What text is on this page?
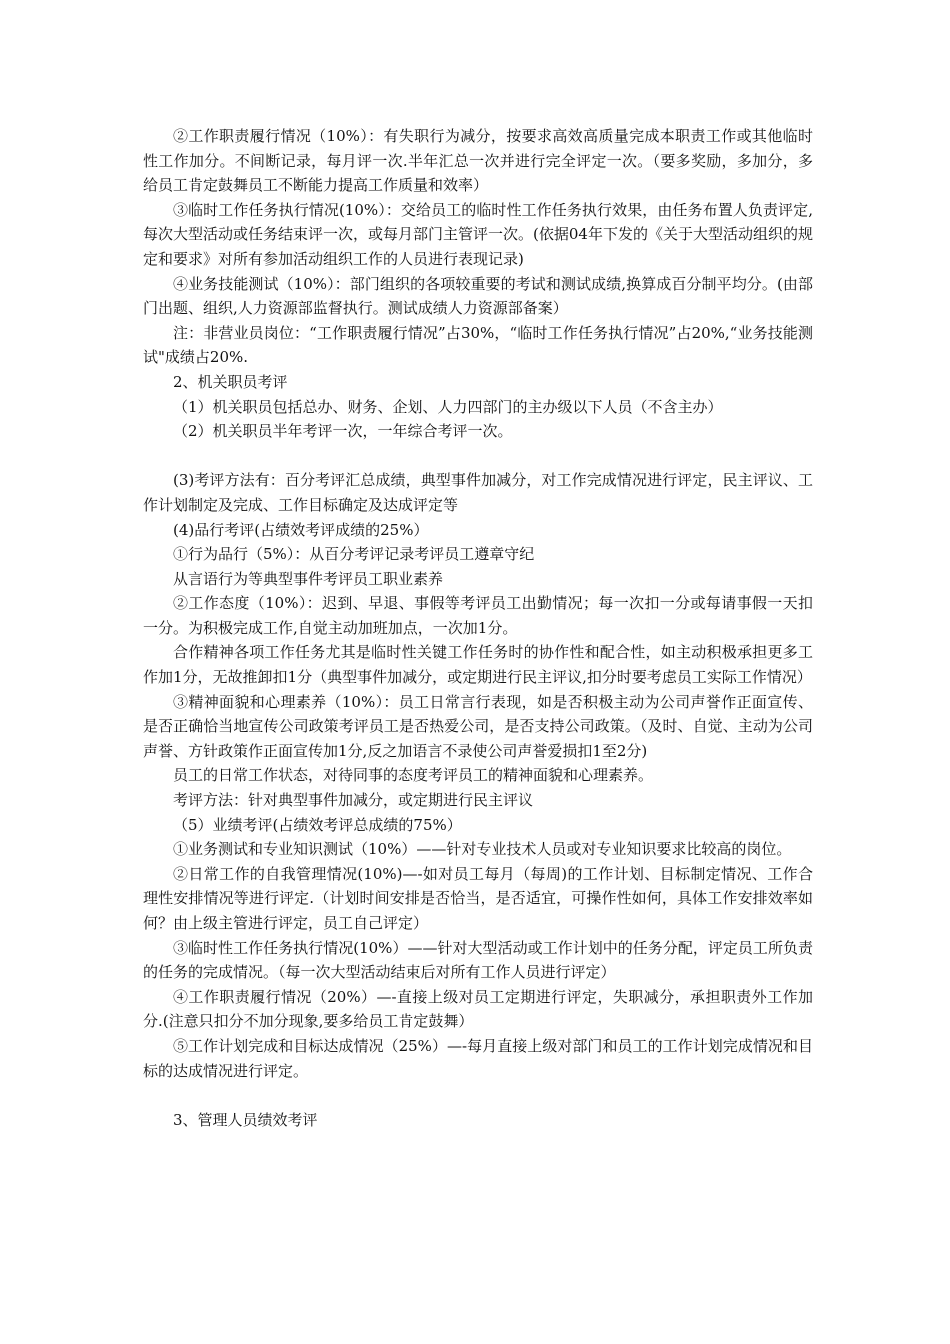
②工作职责履行情况（10%）：有失职行为减分，按要求高效高质量完成本职责工作或其他临时性工作加分。不间断记录，每月评一次.半年汇总一次并进行完全评定一次。（要多奖励，多加分，多给员工肯定鼓舞员工不断能力提高工作质量和效率）

③临时工作任务执行情况(10%）：交给员工的临时性工作任务执行效果，由任务布置人负责评定,每次大型活动或任务结束评一次，或每月部门主管评一次。(依据04年下发的《关于大型活动组织的规定和要求》对所有参加活动组织工作的人员进行表现记录)

④业务技能测试（10%）：部门组织的各项较重要的考试和测试成绩,换算成百分制平均分。(由部门出题、组织,人力资源部监督执行。测试成绩人力资源部备案）

注：非营业员岗位：“工作职责履行情况”占30%，“临时工作任务执行情况”占20%,“业务技能测试"成绩占20%.

2、机关职员考评

（1）机关职员包括总办、财务、企划、人力四部门的主办级以下人员（不含主办）

（2）机关职员半年考评一次，一年综合考评一次。

(3)考评方法有：百分考评汇总成绩，典型事件加减分，对工作完成情况进行评定，民主评议、工作计划制定及完成、工作目标确定及达成评定等

(4)品行考评(占绩效考评成绩的25%）

①行为品行（5%）：从百分考评记录考评员工遵章守纪

从言语行为等典型事件考评员工职业素养

②工作态度（10%）：迟到、早退、事假等考评员工出勤情况；每一次扣一分或每请事假一天扣一分。为积极完成工作,自觉主动加班加点，一次加1分。

合作精神各项工作任务尤其是临时性关键工作任务时的协作性和配合性，如主动积极承担更多工作加1分，无故推卸扣1分（典型事件加减分，或定期进行民主评议,扣分时要考虑员工实际工作情况）

③精神面貌和心理素养（10%）：员工日常言行表现，如是否积极主动为公司声誉作正面宣传、是否正确恰当地宣传公司政策考评员工是否热爱公司，是否支持公司政策。（及时、自觉、主动为公司声誉、方针政策作正面宣传加1分,反之加语言不录使公司声誉爱损扣1至2分)

员工的日常工作状态，对待同事的态度考评员工的精神面貌和心理素养。

考评方法：针对典型事件加减分，或定期进行民主评议

（5）业绩考评(占绩效考评总成绩的75%）

①业务测试和专业知识测试（10%）——针对专业技术人员或对专业知识要求比较高的岗位。

②日常工作的自我管理情况(10%)—-如对员工每月（每周)的工作计划、目标制定情况、工作合理性安排情况等进行评定.（计划时间安排是否恰当，是否适宜，可操作性如何，具体工作安排效率如何？由上级主管进行评定，员工自己评定）

③临时性工作任务执行情况(10%）——针对大型活动或工作计划中的任务分配，评定员工所负责的任务的完成情况。（每一次大型活动结束后对所有工作人员进行评定）

④工作职责履行情况（20%）—-直接上级对员工定期进行评定，失职减分，承担职责外工作加分.(注意只扣分不加分现象,要多给员工肯定鼓舞）

⑤工作计划完成和目标达成情况（25%）—-每月直接上级对部门和员工的工作计划完成情况和目标的达成情况进行评定。

3、管理人员绩效考评
